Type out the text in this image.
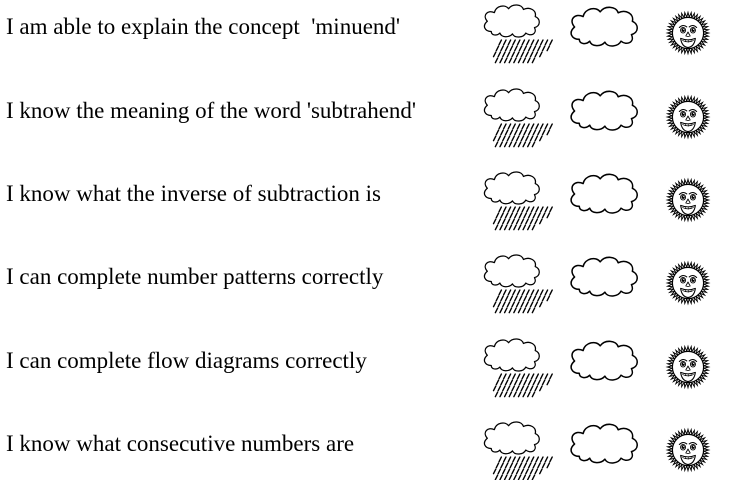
I am able to explain the concept  'minuend'
I know the meaning of the word 'subtrahend'
I know what the inverse of subtraction is
I can complete number patterns correctly
I can complete flow diagrams correctly
I know what consecutive numbers are
